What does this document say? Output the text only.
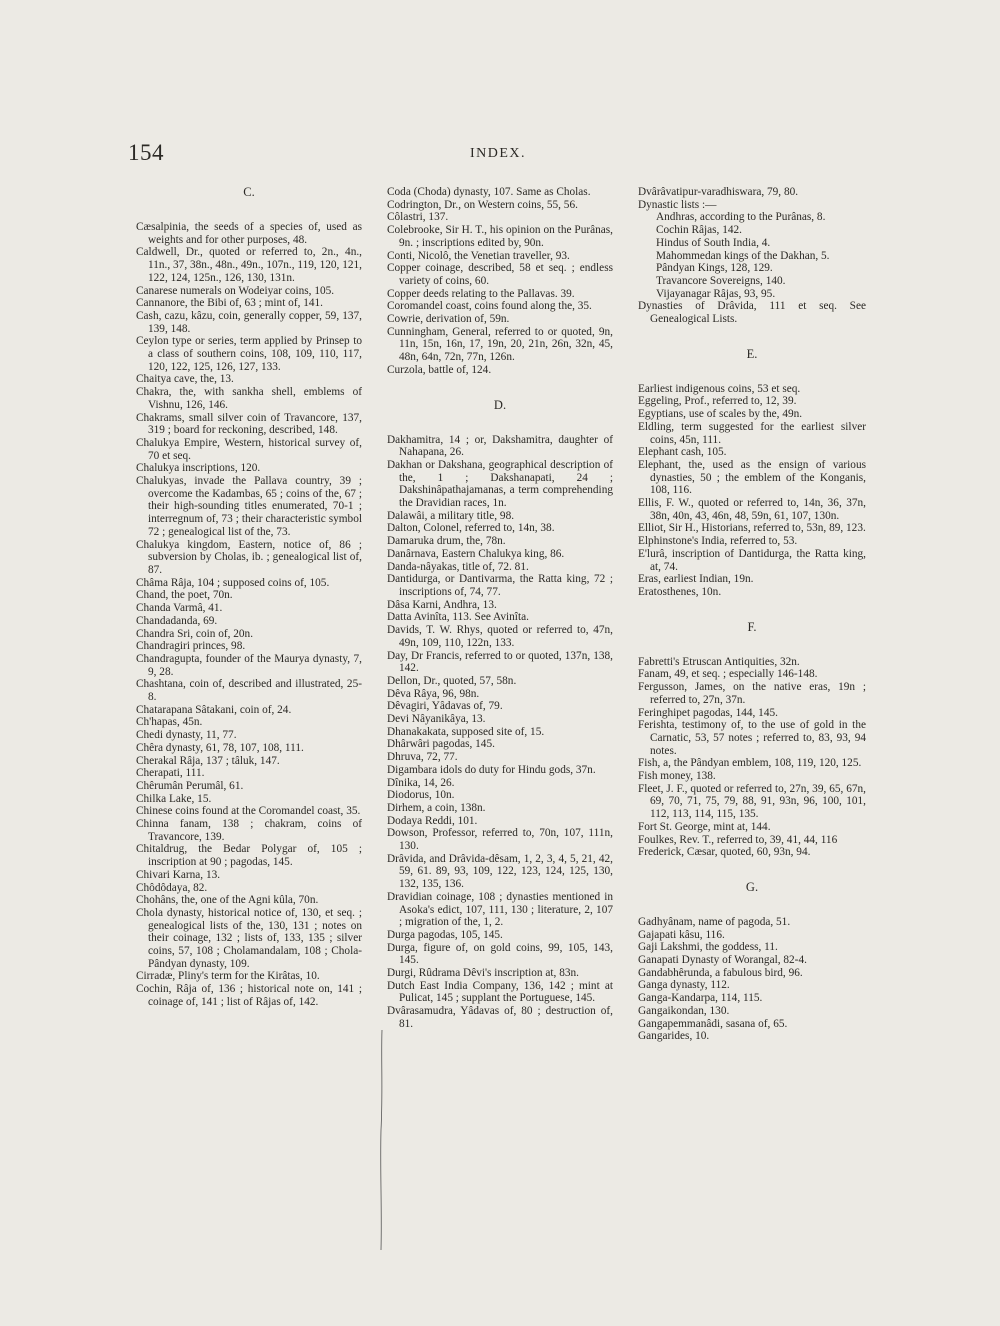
154	INDEX.

C.

Cæsalpinia, the seeds of a species of, used as weights and for other purposes, 48.

Caldwell, Dr., quoted or referred to, 2n., 4n., 11n., 37, 38n., 48n., 49n., 107n., 119, 120, 121, 122, 124, 125n., 126, 130, 131n.

Canarese numerals on Wodeiyar coins, 105.

Cannanore, the Bibi of, 63 ; mint of, 141.

Cash, cazu, kâzu, coin, generally copper, 59, 137, 139, 148.

Ceylon type or series, term applied by Prinsep to a class of southern coins, 108, 109, 110, 117, 120, 122, 125, 126, 127, 133.

Chaitya cave, the, 13.

Chakra, the, with sankha shell, emblems of Vishnu, 126, 146.

Chakrams, small silver coin of Travancore, 137, 319 ; board for reckoning, described, 148.

Chalukya Empire, Western, historical survey of, 70 et seq.

Chalukya inscriptions, 120.

Chalukyas, invade the Pallava country, 39 ; overcome the Kadambas, 65 ; coins of the, 67 ; their high-sounding titles enumerated, 70-1 ; interregnum of, 73 ; their characteristic symbol 72 ; genealogical list of the, 73.

Chalukya kingdom, Eastern, notice of, 86 ; subversion by Cholas, ib. ; genealogical list of, 87.

Châma Râja, 104 ; supposed coins of, 105.

Chand, the poet, 70n.

Chanda Varmâ, 41.

Chandadanda, 69.

Chandra Sri, coin of, 20n.

Chandragiri princes, 98.

Chandragupta, founder of the Maurya dynasty, 7, 9, 28.

Chashtana, coin of, described and illustrated, 25-8.

Chatarapana Sâtakani, coin of, 24.

Ch'hapas, 45n.

Chedi dynasty, 11, 77.

Chêra dynasty, 61, 78, 107, 108, 111.

Cherakal Râja, 137 ; tâluk, 147.

Cherapati, 111.

Chêrumân Perumâl, 61.

Chilka Lake, 15.

Chinese coins found at the Coromandel coast, 35.

Chinna fanam, 138 ; chakram, coins of Travancore, 139.

Chitaldrug, the Bedar Polygar of, 105 ; inscription at 90 ; pagodas, 145.

Chivari Karna, 13.

Chôdôdaya, 82.

Chohâns, the, one of the Agni kûla, 70n.

Chola dynasty, historical notice of, 130, et seq. ; genealogical lists of the, 130, 131 ; notes on their coinage, 132 ; lists of, 133, 135 ; silver coins, 57, 108 ; Cholamandalam, 108 ; Chola-Pândyan dynasty, 109.

Cirradæ, Pliny's term for the Kirâtas, 10.

Cochin, Râja of, 136 ; historical note on, 141 ; coinage of, 141 ; list of Râjas of, 142.

Coda (Choda) dynasty, 107. Same as Cholas.

Codrington, Dr., on Western coins, 55, 56.

Côlastri, 137.

Colebrooke, Sir H. T., his opinion on the Purânas, 9n. ; inscriptions edited by, 90n.

Conti, Nicolô, the Venetian traveller, 93.

Copper coinage, described, 58 et seq. ; endless variety of coins, 60.

Copper deeds relating to the Pallavas. 39.

Coromandel coast, coins found along the, 35.

Cowrie, derivation of, 59n.

Cunningham, General, referred to or quoted, 9n, 11n, 15n, 16n, 17, 19n, 20, 21n, 26n, 32n, 45, 48n, 64n, 72n, 77n, 126n.

Curzola, battle of, 124.

D.

Dakhamitra, 14 ; or, Dakshamitra, daughter of Nahapana, 26.

Dakhan or Dakshana, geographical description of the, 1 ; Dakshanapati, 24 ; Dakshinâpathajamanas, a term comprehending the Dravidian races, 1n.

Dalawâi, a military title, 98.

Dalton, Colonel, referred to, 14n, 38.

Damaruka drum, the, 78n.

Danârnava, Eastern Chalukya king, 86.

Danda-nâyakas, title of, 72. 81.

Dantidurga, or Dantivarma, the Ratta king, 72 ; inscriptions of, 74, 77.

Dâsa Karni, Andhra, 13.

Datta Avinîta, 113. See Avinîta.

Davids, T. W. Rhys, quoted or referred to, 47n, 49n, 109, 110, 122n, 133.

Day, Dr Francis, referred to or quoted, 137n, 138, 142.

Dellon, Dr., quoted, 57, 58n.

Dêva Râya, 96, 98n.

Dêvagiri, Yâdavas of, 79.

Devi Nâyanikâya, 13.

Dhanakakata, supposed site of, 15.

Dhârwâri pagodas, 145.

Dhruva, 72, 77.

Digambara idols do duty for Hindu gods, 37n.

Dînika, 14, 26.

Diodorus, 10n.

Dirhem, a coin, 138n.

Dodaya Reddi, 101.

Dowson, Professor, referred to, 70n, 107, 111n, 130.

Drâvida, and Drâvida-dêsam, 1, 2, 3, 4, 5, 21, 42, 59, 61. 89, 93, 109, 122, 123, 124, 125, 130, 132, 135, 136.

Dravidian coinage, 108 ; dynasties mentioned in Asoka's edict, 107, 111, 130 ; literature, 2, 107 ; migration of the, 1, 2.

Durga pagodas, 105, 145.

Durga, figure of, on gold coins, 99, 105, 143, 145.

Durgi, Rûdrama Dêvi's inscription at, 83n.

Dutch East India Company, 136, 142 ; mint at Pulicat, 145 ; supplant the Portuguese, 145.

Dvârasamudra, Yâdavas of, 80 ; destruction of, 81.

Dvârâvatipur-varadhiswara, 79, 80.

Dynastic lists :—

Andhras, according to the Purânas, 8.

Cochin Râjas, 142.

Hindus of South India, 4.

Mahommedan kings of the Dakhan, 5.

Pândyan Kings, 128, 129.

Travancore Sovereigns, 140.

Vijayanagar Râjas, 93, 95.

Dynasties of Drâvida, 111 et seq. See Genealogical Lists.

E.

Earliest indigenous coins, 53 et seq.

Eggeling, Prof., referred to, 12, 39.

Egyptians, use of scales by the, 49n.

Eldling, term suggested for the earliest silver coins, 45n, 111.

Elephant cash, 105.

Elephant, the, used as the ensign of various dynasties, 50 ; the emblem of the Konganis, 108, 116.

Ellis, F. W., quoted or referred to, 14n, 36, 37n, 38n, 40n, 43, 46n, 48, 59n, 61, 107, 130n.

Elliot, Sir H., Historians, referred to, 53n, 89, 123.

Elphinstone's India, referred to, 53.

E'lurâ, inscription of Dantidurga, the Ratta king, at, 74.

Eras, earliest Indian, 19n.

Eratosthenes, 10n.

F.

Fabretti's Etruscan Antiquities, 32n.

Fanam, 49, et seq. ; especially 146-148.

Fergusson, James, on the native eras, 19n ; referred to, 27n, 37n.

Feringhipet pagodas, 144, 145.

Ferishta, testimony of, to the use of gold in the Carnatic, 53, 57 notes ; referred to, 83, 93, 94 notes.

Fish, a, the Pândyan emblem, 108, 119, 120, 125.

Fish money, 138.

Fleet, J. F., quoted or referred to, 27n, 39, 65, 67n, 69, 70, 71, 75, 79, 88, 91, 93n, 96, 100, 101, 112, 113, 114, 115, 135.

Fort St. George, mint at, 144.

Foulkes, Rev. T., referred to, 39, 41, 44, 116

Frederick, Cæsar, quoted, 60, 93n, 94.

G.

Gadhyânam, name of pagoda, 51.

Gajapati kâsu, 116.

Gaji Lakshmi, the goddess, 11.

Ganapati Dynasty of Worangal, 82-4.

Gandabhêrunda, a fabulous bird, 96.

Ganga dynasty, 112.

Ganga-Kandarpa, 114, 115.

Gangaikondan, 130.

Gangapemmanâdi, sasana of, 65.

Gangarides, 10.
